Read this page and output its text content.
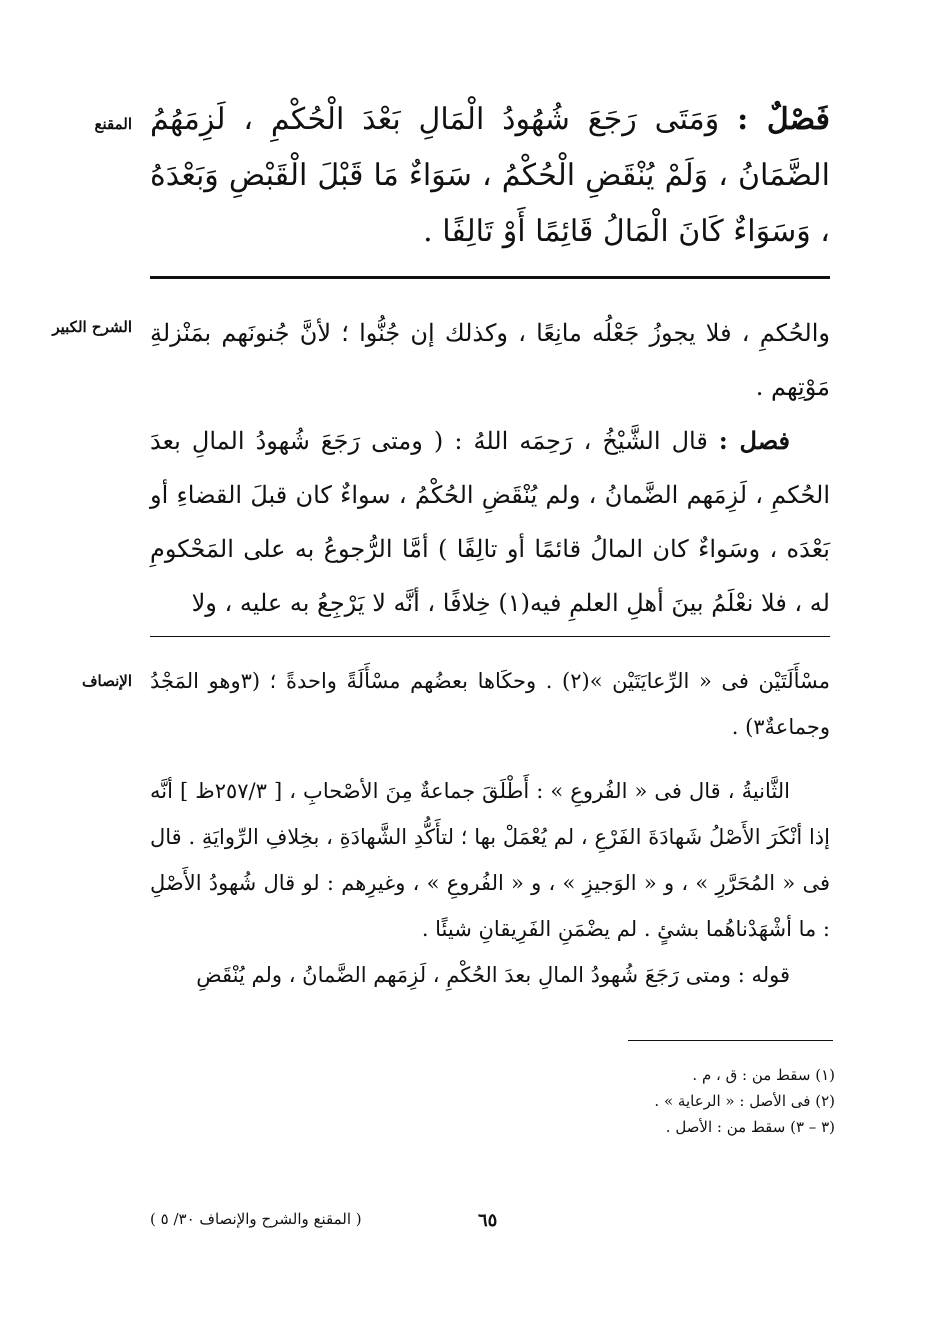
المقنع	فَصْلٌ : وَمَتَى رَجَعَ شُهُودُ الْمَالِ بَعْدَ الْحُكْمِ ، لَزِمَهُمُ الضَّمَانُ ، وَلَمْ يُنْقَضِ الْحُكْمُ ، سَوَاءٌ مَا قَبْلَ الْقَبْضِ وَبَعْدَهُ ، وَسَوَاءٌ كَانَ الْمَالُ قَائِمًا أَوْ تَالِفًا .
الشرح الكبير والحُكمِ ، فلا يجوزُ جَعْلُه مانِعًا ، وكذلك إن جُنُّوا ؛ لأنَّ جُنونَهم بمَنْزلةِ مَوْتِهم .

فصل : قال الشَّيْخُ ، رَحِمَه اللهُ : ( ومتى رَجَعَ شُهودُ المالِ بعدَ الحُكمِ ، لَزِمَهم الضَّمانُ ، ولم يُنْقَضِ الحُكْمُ ، سواءٌ كان قبلَ القضاءِ أو بَعْدَه ، وسَواءٌ كان المالُ قائمًا أو تالِفًا ) أمَّا الرُّجوعُ به على المَحْكومِ له ، فلا نعْلَمُ بينَ أهلِ العلمِ فيه(١) خِلافًا ، أنَّه لا يَرْجِعُ به عليه ، ولا

الإنصاف مسْأَلَتَيْن فى « الرِّعايَتَيْن »(٢) . وحكَاها بعضُهم مسْأَلَةً واحدةً ؛ (٣وهو المَجْدُ وجماعةٌ٣) .

الثَّانيةُ ، قال فى « الفُروعِ » : أَطْلَقَ جماعةٌ مِنَ الأصْحابِ ، [ ٢٥٧/٣ظ ] أنَّه إذا أنْكَرَ الأَصْلُ شَهادَةَ الفَرْعِ ، لم يُعْمَلْ بها ؛ لتأَكُّدِ الشَّهادَةِ ، بخِلافِ الرِّوايَةِ . قال فى « المُحَرَّرِ » ، و « الوَجيزِ » ، و « الفُروعِ » ، وغيرِهم : لو قال شُهودُ الأَصْلِ : ما أشْهَدْناهُما بشئٍ . لم يضْمَنِ الفَرِيقانِ شيئًا .

قوله : ومتى رَجَعَ شُهودُ المالِ بعدَ الحُكْمِ ، لَزِمَهم الضَّمانُ ، ولم يُنْقَضِ

(١) سقط من : ق ، م .
(٢) فى الأصل : « الرعاية » .
(٣ – ٣) سقط من : الأصل .
٦٥
( المقنع والشرح والإنصاف ٣٠/ ٥ )
